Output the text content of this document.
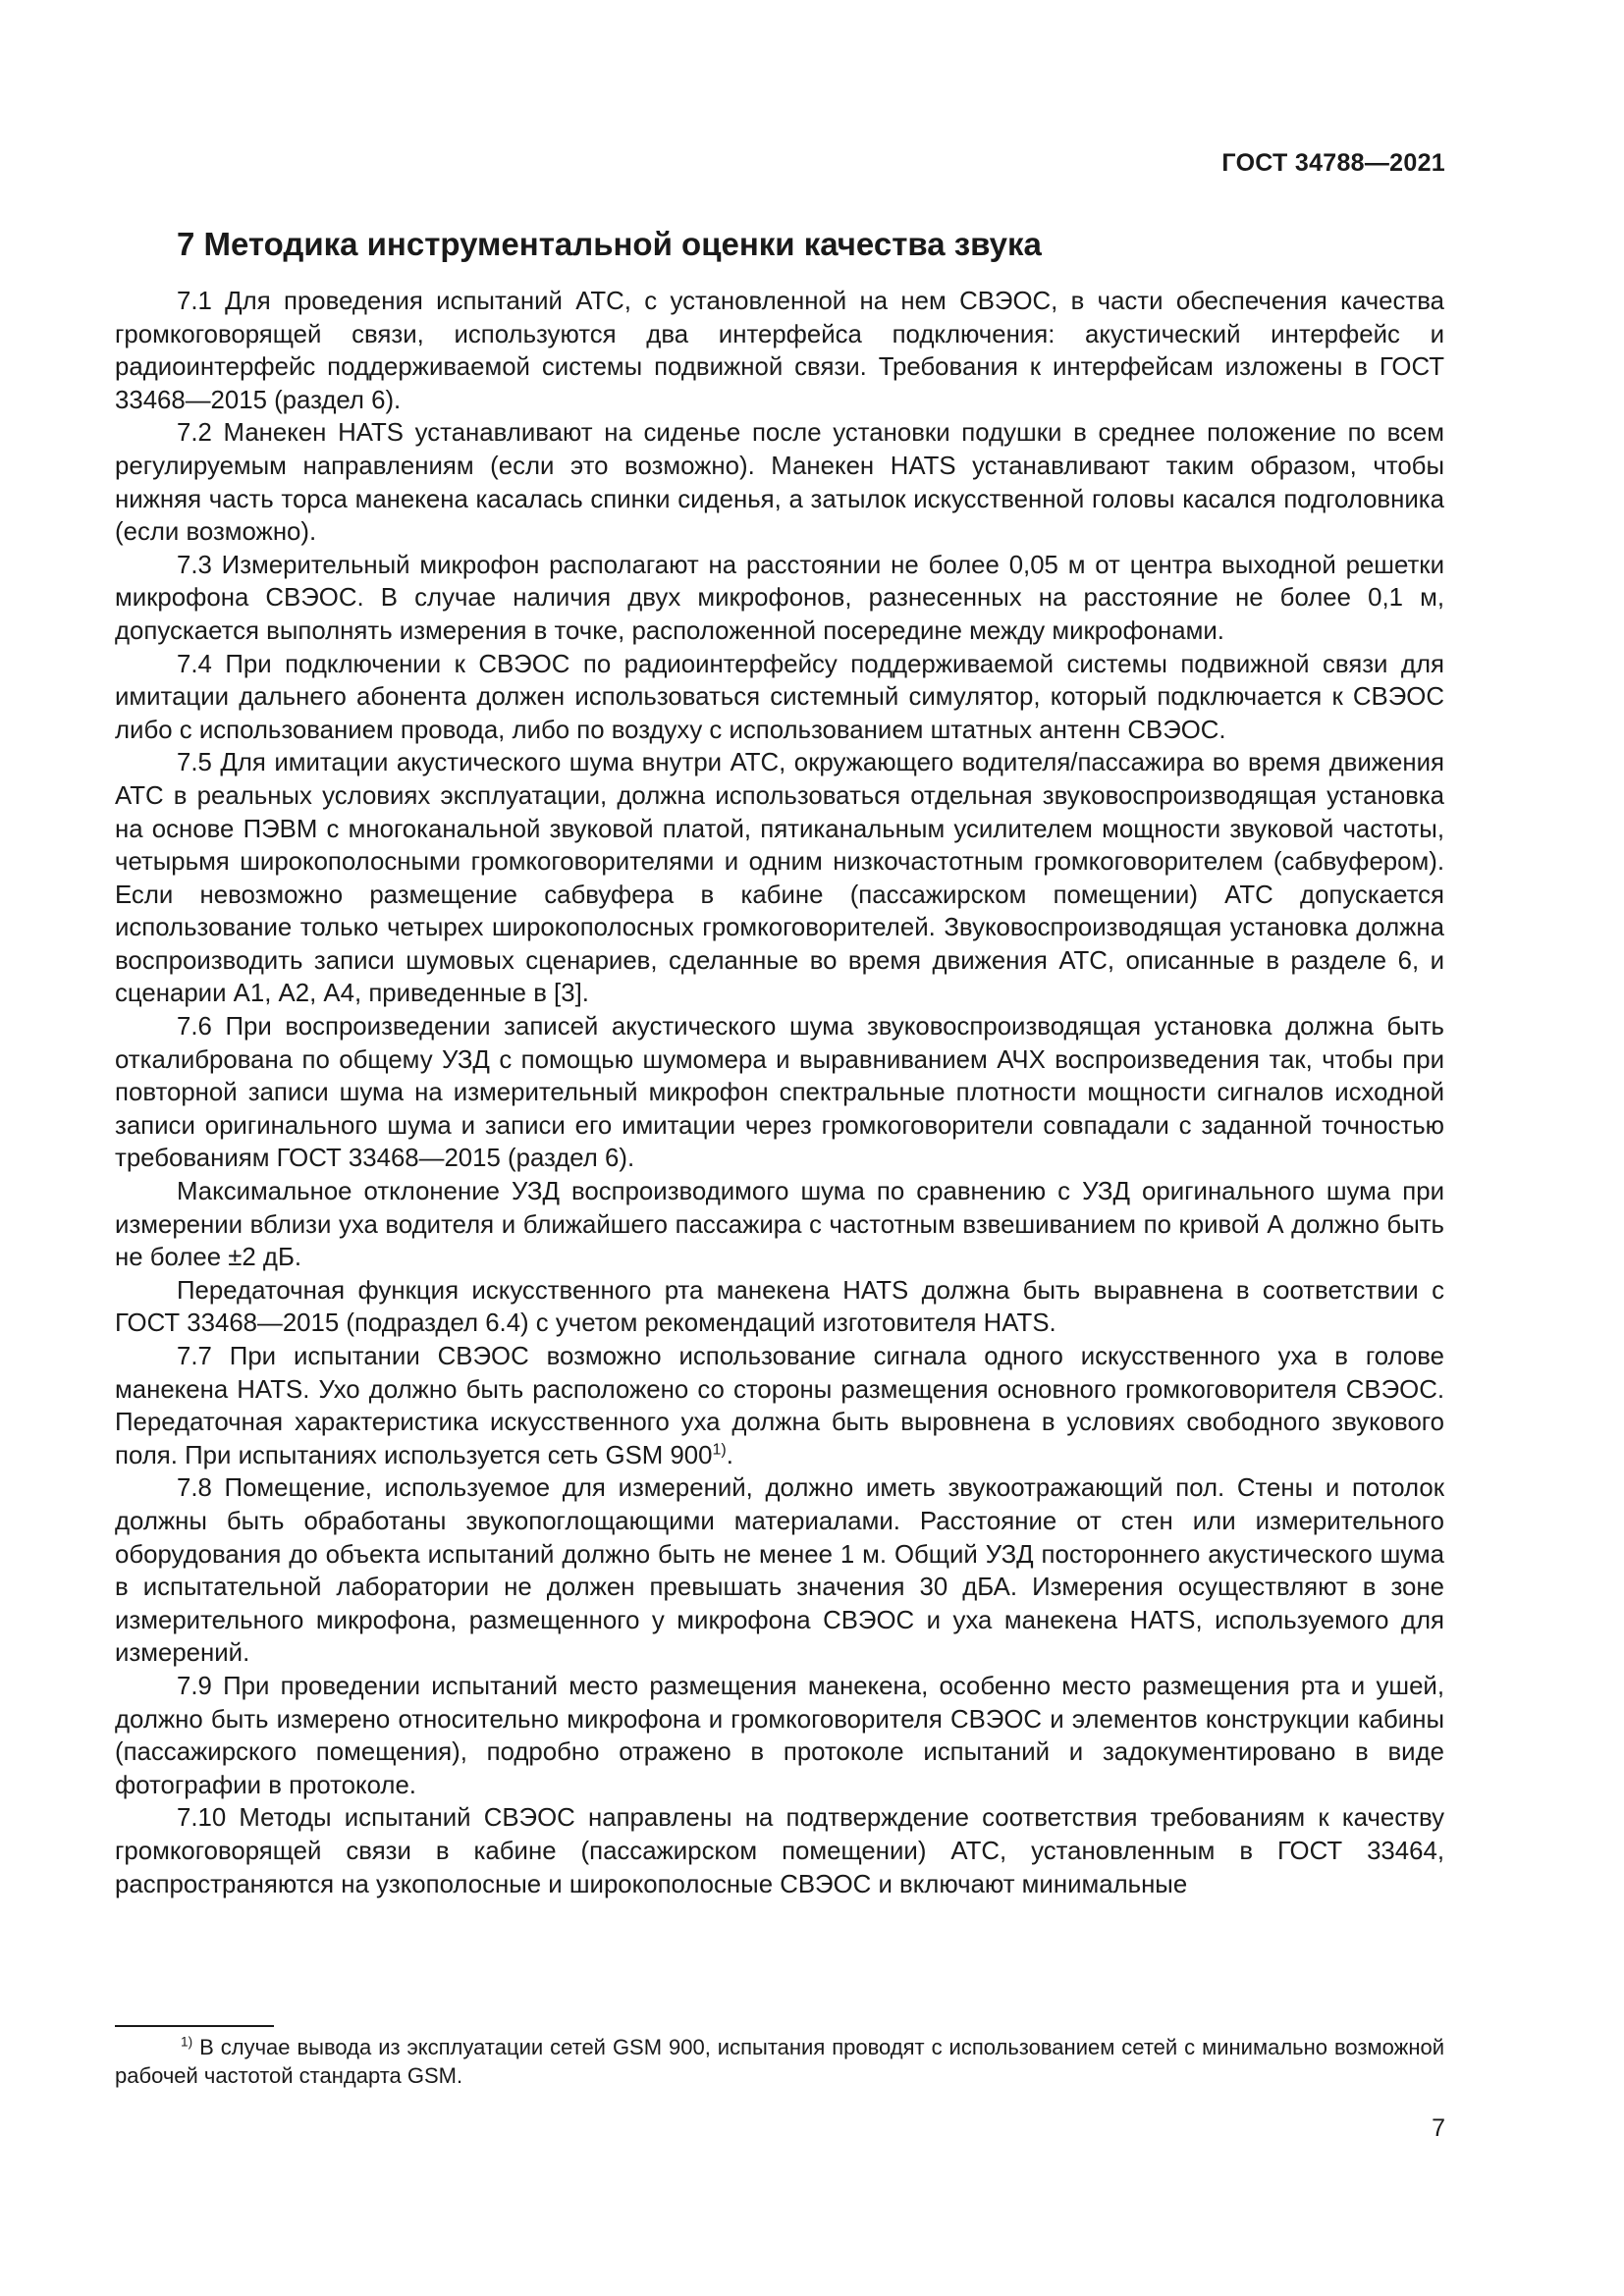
ГОСТ 34788—2021
7 Методика инструментальной оценки качества звука

7.1 Для проведения испытаний АТС, с установленной на нем СВЭОС, в части обеспечения качества громкоговорящей связи, используются два интерфейса подключения: акустический интерфейс и радиоинтерфейс поддерживаемой системы подвижной связи. Требования к интерфейсам изложены в ГОСТ 33468—2015 (раздел 6).

7.2 Манекен HATS устанавливают на сиденье после установки подушки в среднее положение по всем регулируемым направлениям (если это возможно). Манекен HATS устанавливают таким образом, чтобы нижняя часть торса манекена касалась спинки сиденья, а затылок искусственной головы касался подголовника (если возможно).

7.3 Измерительный микрофон располагают на расстоянии не более 0,05 м от центра выходной решетки микрофона СВЭОС. В случае наличия двух микрофонов, разнесенных на расстояние не более 0,1 м, допускается выполнять измерения в точке, расположенной посередине между микрофонами.

7.4 При подключении к СВЭОС по радиоинтерфейсу поддерживаемой системы подвижной связи для имитации дальнего абонента должен использоваться системный симулятор, который подключается к СВЭОС либо с использованием провода, либо по воздуху с использованием штатных антенн СВЭОС.

7.5 Для имитации акустического шума внутри АТС, окружающего водителя/пассажира во время движения АТС в реальных условиях эксплуатации, должна использоваться отдельная звуковоспроизводящая установка на основе ПЭВМ с многоканальной звуковой платой, пятиканальным усилителем мощности звуковой частоты, четырьмя широкополосными громкоговорителями и одним низкочастотным громкоговорителем (сабвуфером). Если невозможно размещение сабвуфера в кабине (пассажирском помещении) АТС допускается использование только четырех широкополосных громкоговорителей. Звуковоспроизводящая установка должна воспроизводить записи шумовых сценариев, сделанные во время движения АТС, описанные в разделе 6, и сценарии А1, А2, А4, приведенные в [3].

7.6 При воспроизведении записей акустического шума звуковоспроизводящая установка должна быть откалибрована по общему УЗД с помощью шумомера и выравниванием АЧХ воспроизведения так, чтобы при повторной записи шума на измерительный микрофон спектральные плотности мощности сигналов исходной записи оригинального шума и записи его имитации через громкоговорители совпадали с заданной точностью требованиям ГОСТ 33468—2015 (раздел 6).

Максимальное отклонение УЗД воспроизводимого шума по сравнению с УЗД оригинального шума при измерении вблизи уха водителя и ближайшего пассажира с частотным взвешиванием по кривой А должно быть не более ±2 дБ.

Передаточная функция искусственного рта манекена HATS должна быть выравнена в соответствии с ГОСТ 33468—2015 (подраздел 6.4) с учетом рекомендаций изготовителя HATS.

7.7 При испытании СВЭОС возможно использование сигнала одного искусственного уха в голове манекена HATS. Ухо должно быть расположено со стороны размещения основного громкоговорителя СВЭОС. Передаточная характеристика искусственного уха должна быть выровнена в условиях свободного звукового поля. При испытаниях используется сеть GSM 900$^{1)}$.

7.8 Помещение, используемое для измерений, должно иметь звукоотражающий пол. Стены и потолок должны быть обработаны звукопоглощающими материалами. Расстояние от стен или измерительного оборудования до объекта испытаний должно быть не менее 1 м. Общий УЗД постороннего акустического шума в испытательной лаборатории не должен превышать значения 30 дБА. Измерения осуществляют в зоне измерительного микрофона, размещенного у микрофона СВЭОС и уха манекена HATS, используемого для измерений.

7.9 При проведении испытаний место размещения манекена, особенно место размещения рта и ушей, должно быть измерено относительно микрофона и громкоговорителя СВЭОС и элементов конструкции кабины (пассажирского помещения), подробно отражено в протоколе испытаний и задокументировано в виде фотографии в протоколе.

7.10 Методы испытаний СВЭОС направлены на подтверждение соответствия требованиям к качеству громкоговорящей связи в кабине (пассажирском помещении) АТС, установленным в ГОСТ 33464, распространяются на узкополосные и широкополосные СВЭОС и включают минимальные

$^{1)}$ В случае вывода из эксплуатации сетей GSM 900, испытания проводят с использованием сетей с минимально возможной рабочей частотой стандарта GSM.
7
